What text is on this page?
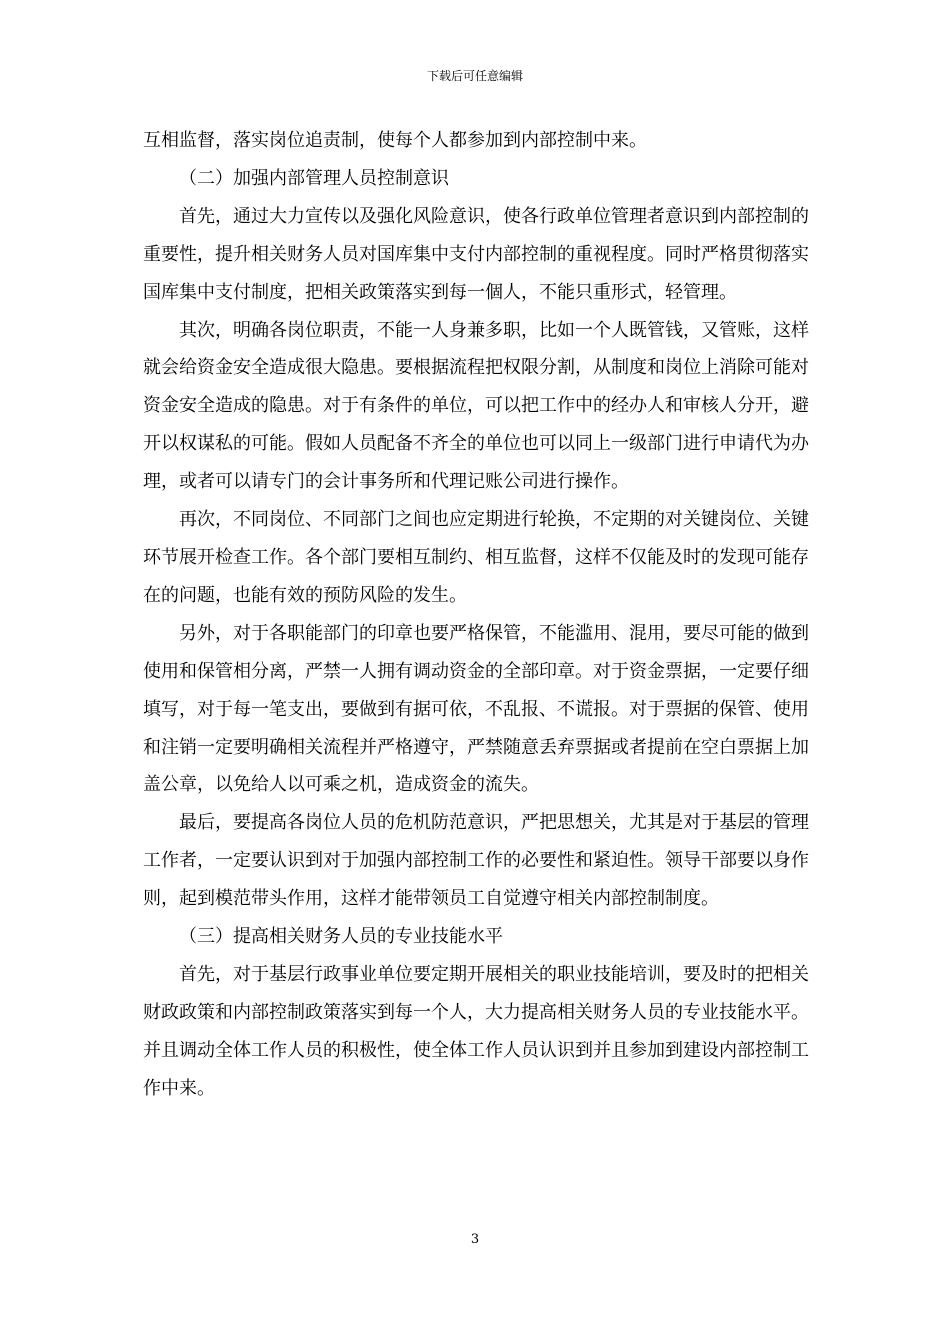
下载后可任意编辑

互相监督，落实岗位追责制，使每个人都参加到内部控制中来。

（二）加强内部管理人员控制意识

首先，通过大力宣传以及强化风险意识，使各行政单位管理者意识到内部控制的重要性，提升相关财务人员对国库集中支付内部控制的重视程度。同时严格贯彻落实国库集中支付制度，把相关政策落实到每一個人，不能只重形式，轻管理。

其次，明确各岗位职责，不能一人身兼多职，比如一个人既管钱，又管账，这样就会给资金安全造成很大隐患。要根据流程把权限分割，从制度和岗位上消除可能对资金安全造成的隐患。对于有条件的单位，可以把工作中的经办人和审核人分开，避开以权谋私的可能。假如人员配备不齐全的单位也可以同上一级部门进行申请代为办理，或者可以请专门的会计事务所和代理记账公司进行操作。

再次，不同岗位、不同部门之间也应定期进行轮换，不定期的对关键岗位、关键环节展开检查工作。各个部门要相互制约、相互监督，这样不仅能及时的发现可能存在的问题，也能有效的预防风险的发生。

另外，对于各职能部门的印章也要严格保管，不能滥用、混用，要尽可能的做到使用和保管相分离，严禁一人拥有调动资金的全部印章。对于资金票据，一定要仔细填写，对于每一笔支出，要做到有据可依，不乱报、不谎报。对于票据的保管、使用和注销一定要明确相关流程并严格遵守，严禁随意丢弃票据或者提前在空白票据上加盖公章，以免给人以可乘之机，造成资金的流失。

最后，要提高各岗位人员的危机防范意识，严把思想关，尤其是对于基层的管理工作者，一定要认识到对于加强内部控制工作的必要性和紧迫性。领导干部要以身作则，起到模范带头作用，这样才能带领员工自觉遵守相关内部控制制度。

（三）提高相关财务人员的专业技能水平

首先，对于基层行政事业单位要定期开展相关的职业技能培训，要及时的把相关财政政策和内部控制政策落实到每一个人，大力提高相关财务人员的专业技能水平。并且调动全体工作人员的积极性，使全体工作人员认识到并且参加到建设内部控制工作中来。

3
